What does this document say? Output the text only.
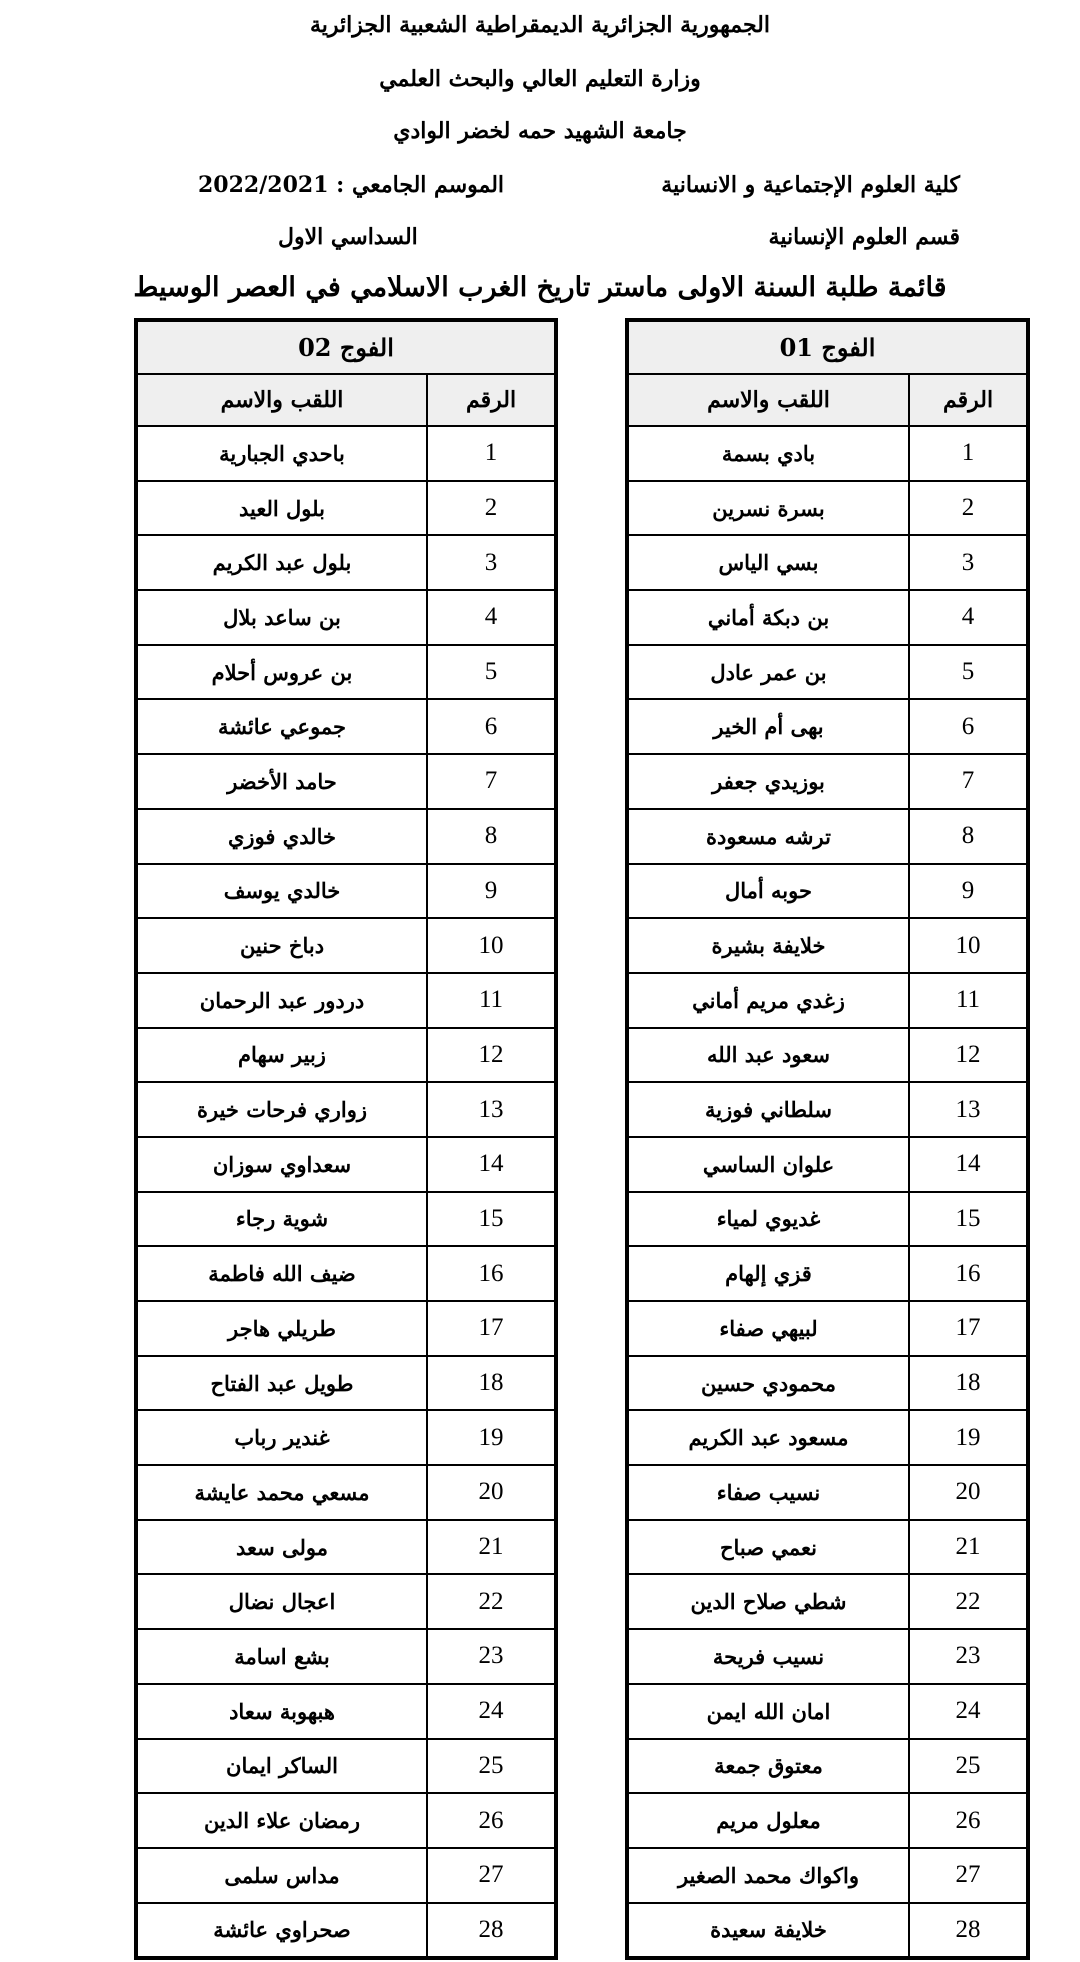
الجمهورية الجزائرية الديمقراطية الشعبية الجزائرية
وزارة التعليم العالي والبحث العلمي
جامعة الشهيد حمه لخضر الوادي
كلية العلوم الإجتماعية و الانسانية
الموسم الجامعي : 2022/2021
قسم العلوم الإنسانية
السداسي الاول
قائمة طلبة السنة الاولى ماستر تاريخ الغرب الاسلامي في العصر الوسيط
الفوج 01	
الرقم	اللقب والاسم
1	بادي بسمة
2	بسرة نسرين
3	بسي الياس
4	بن دبكة أماني
5	بن عمر عادل
6	بهى أم الخير
7	بوزيدي جعفر
8	ترشه مسعودة
9	حوبه أمال
10	خلايفة بشيرة
11	زغدي مريم أماني
12	سعود عبد الله
13	سلطاني فوزية
14	علوان الساسي
15	غديوي لمياء
16	قزي إلهام
17	لبيهي صفاء
18	محمودي حسين
19	مسعود عبد الكريم
20	نسيب صفاء
21	نعمي صباح
22	شطي صلاح الدين
23	نسيب فريحة
24	امان الله ايمن
25	معتوق جمعة
26	معلول مريم
27	واكواك محمد الصغير
28	خلايفة سعيدة
الفوج 02	
الرقم	اللقب والاسم
1	باحدي الجبارية
2	بلول العيد
3	بلول عبد الكريم
4	بن ساعد بلال
5	بن عروس أحلام
6	جموعي عائشة
7	حامد الأخضر
8	خالدي فوزي
9	خالدي يوسف
10	دباخ حنين
11	دردور عبد الرحمان
12	زبير سهام
13	زواري فرحات خيرة
14	سعداوي سوزان
15	شوية رجاء
16	ضيف الله فاطمة
17	طريلي هاجر
18	طويل عبد الفتاح
19	غندير رباب
20	مسعي محمد عايشة
21	مولى سعد
22	اعجال نضال
23	بشع اسامة
24	هبهوبة سعاد
25	الساكر ايمان
26	رمضان علاء الدين
27	مداس سلمى
28	صحراوي عائشة
